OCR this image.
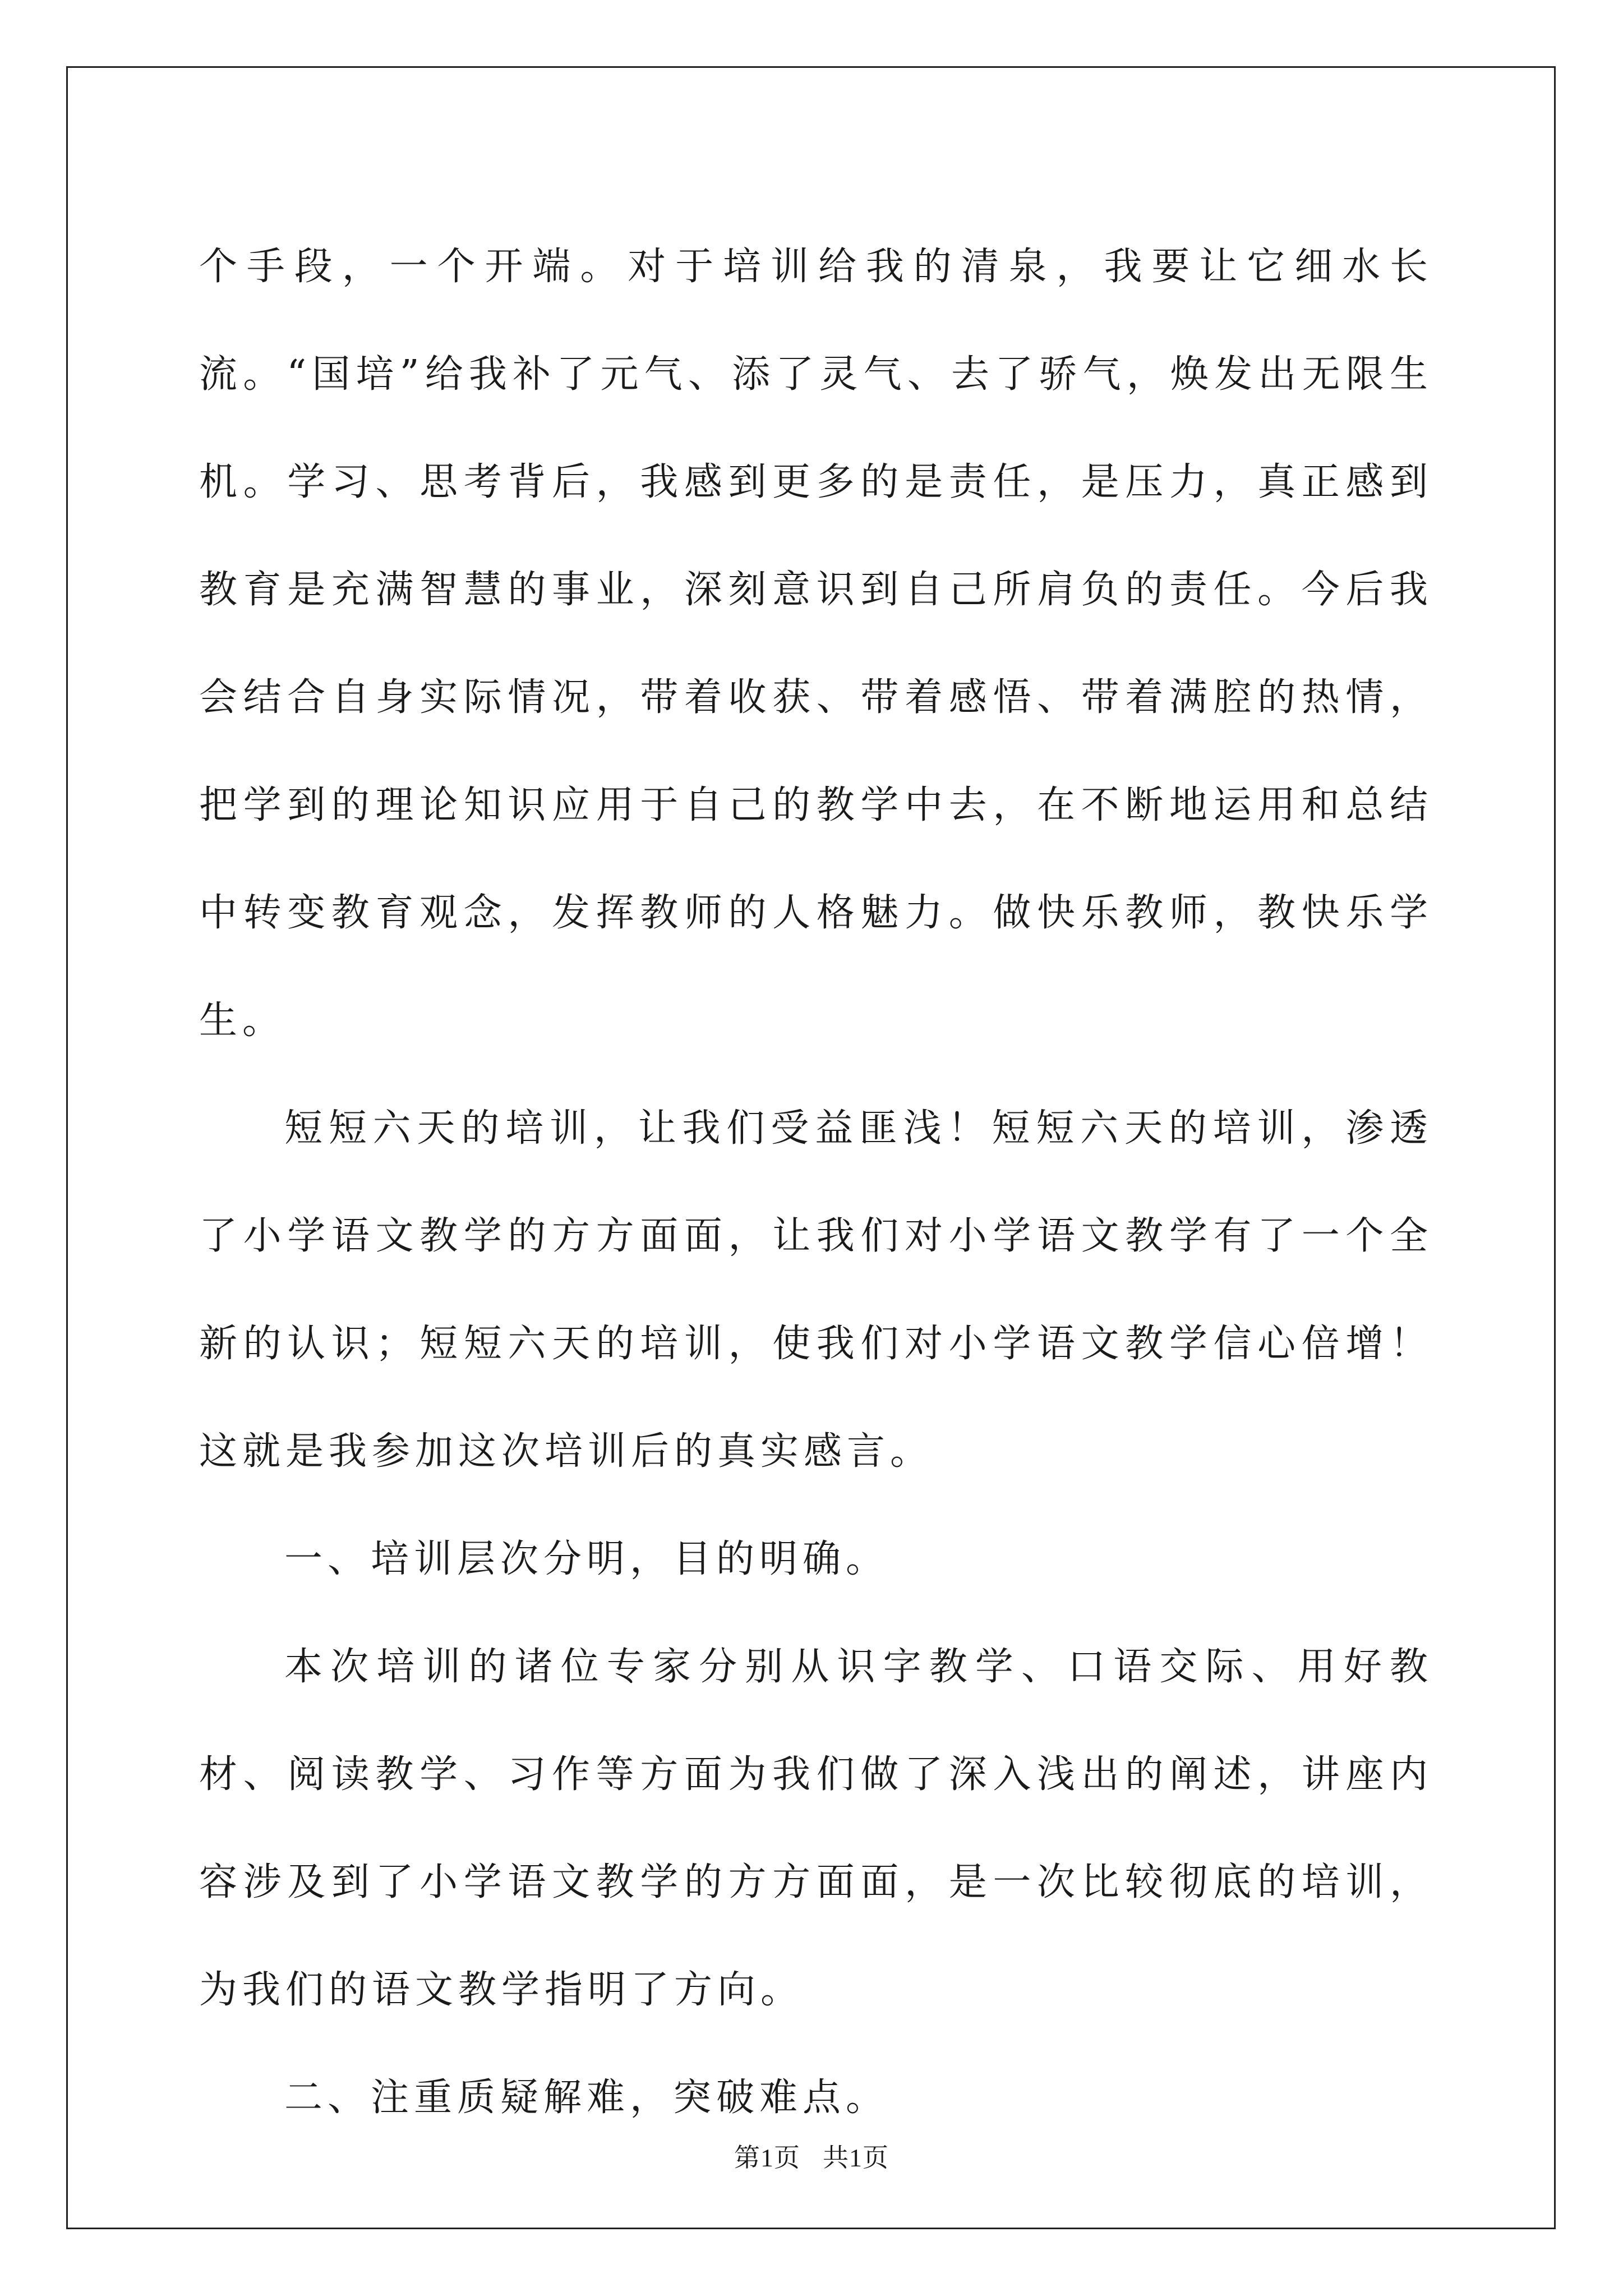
个手段，一个开端。对于培训给我的清泉，我要让它细水长流。“国培”给我补了元气、添了灵气、去了骄气，焕发出无限生机。学习、思考背后，我感到更多的是责任，是压力，真正感到教育是充满智慧的事业，深刻意识到自己所肩负的责任。今后我会结合自身实际情况，带着收获、带着感悟、带着满腔的热情，把学到的理论知识应用于自己的教学中去，在不断地运用和总结中转变教育观念，发挥教师的人格魅力。做快乐教师，教快乐学生。

短短六天的培训，让我们受益匪浅！短短六天的培训，渗透了小学语文教学的方方面面，让我们对小学语文教学有了一个全新的认识；短短六天的培训，使我们对小学语文教学信心倍增！这就是我参加这次培训后的真实感言。

一、培训层次分明，目的明确。

本次培训的诸位专家分别从识字教学、口语交际、用好教材、阅读教学、习作等方面为我们做了深入浅出的阐述，讲座内容涉及到了小学语文教学的方方面面，是一次比较彻底的培训，为我们的语文教学指明了方向。

二、注重质疑解难，突破难点。

第1页 共1页
